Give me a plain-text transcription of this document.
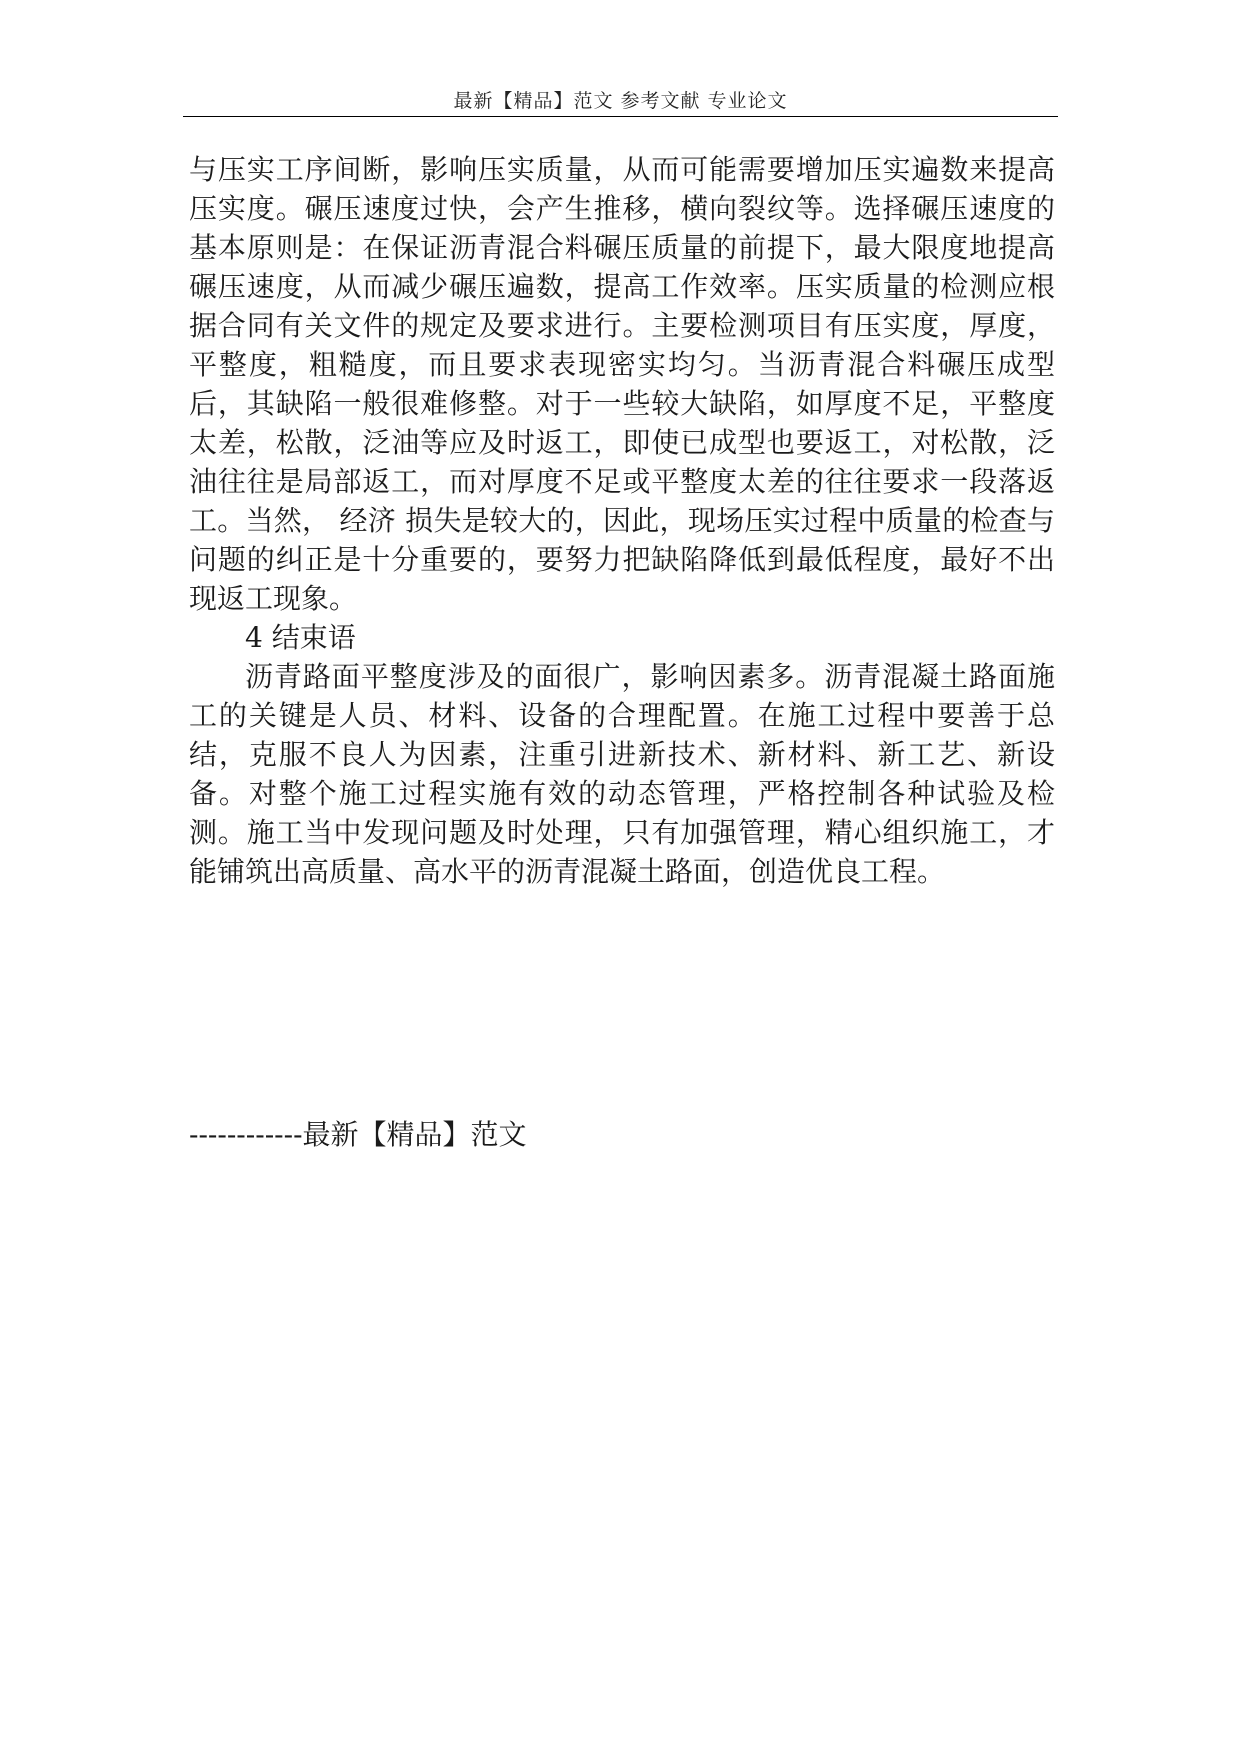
最新【精品】范文 参考文献 专业论文

与压实工序间断，影响压实质量，从而可能需要增加压实遍数来提高压实度。碾压速度过快，会产生推移，横向裂纹等。选择碾压速度的基本原则是：在保证沥青混合料碾压质量的前提下，最大限度地提高碾压速度，从而减少碾压遍数，提高工作效率。压实质量的检测应根据合同有关文件的规定及要求进行。主要检测项目有压实度，厚度，平整度，粗糙度，而且要求表现密实均匀。当沥青混合料碾压成型后，其缺陷一般很难修整。对于一些较大缺陷，如厚度不足，平整度太差，松散，泛油等应及时返工，即使已成型也要返工，对松散，泛油往往是局部返工，而对厚度不足或平整度太差的往往要求一段落返工。当然， 经济 损失是较大的，因此，现场压实过程中质量的检查与 问题的纠正是十分重要的，要努力把缺陷降低到最低程度，最好不出现返工现象。

4 结束语

沥青路面平整度涉及的面很广，影响因素多。沥青混凝土路面施工的关键是人员、材料、设备的合理配置。在施工过程中要善于总结，克服不良人为因素，注重引进新技术、新材料、新工艺、新设备。对整个施工过程实施有效的动态管理，严格控制各种试验及检测。施工当中发现问题及时处理，只有加强管理，精心组织施工，才能铺筑出高质量、高水平的沥青混凝土路面，创造优良工程。

------------最新【精品】范文
